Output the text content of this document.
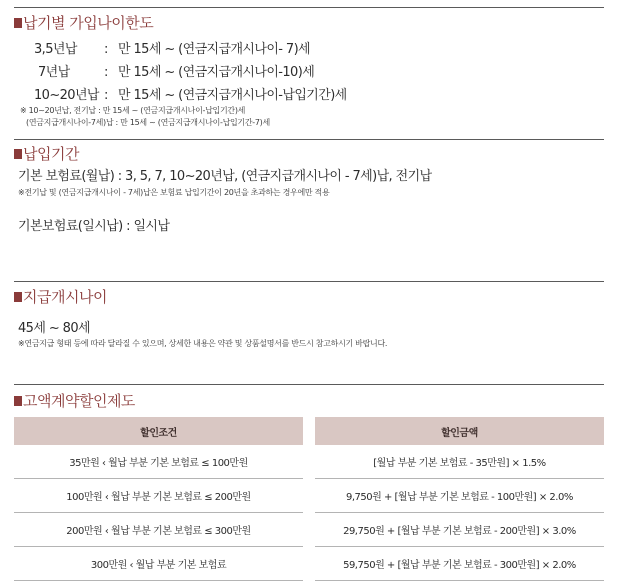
납기별 가입나이한도
3,5년납 : 만 15세 ~ (연금지급개시나이- 7)세
7년납	: 만 15세 ~ (연금지급개시나이-10)세
10~20년납 : 만 15세 ~ (연금지급개시나이-납입기간)세
※ 10~20년납, 전기납 : 만 15세 ~ (연금지급개시나이-납입기간)세
(연금지급개시나이-7세)납 : 만 15세 ~ (연금지급개시나이-납입기간-7)세
납입기간
기본 보험료(월납) : 3, 5, 7, 10~20년납, (연금지급개시나이 - 7세)납, 전기납
※전기납 및 (연금지급개시나이 - 7세)납은 보험료 납입기간이 20년을 초과하는 경우에만 적용
기본보험료(일시납) : 일시납
지급개시나이
45세 ~ 80세
※연금지급 형태 등에 따라 달라질 수 있으며, 상세한 내용은 약관 및 상품설명서를 반드시 참고하시기 바랍니다.
고액계약할인제도
할인조건		할인금액
35만원 ‹ 월납 부분 기본 보험료 ≤ 100만원		[월납 부분 기본 보험료 - 35만원] × 1.5%
100만원 ‹ 월납 부분 기본 보험료 ≤ 200만원		9,750원 + [월납 부분 기본 보험료 - 100만원] × 2.0%
200만원 ‹ 월납 부분 기본 보험료 ≤ 300만원		29,750원 + [월납 부분 기본 보험료 - 200만원] × 3.0%
300만원 ‹ 월납 부분 기본 보험료		59,750원 + [월납 부분 기본 보험료 - 300만원] × 2.0%
